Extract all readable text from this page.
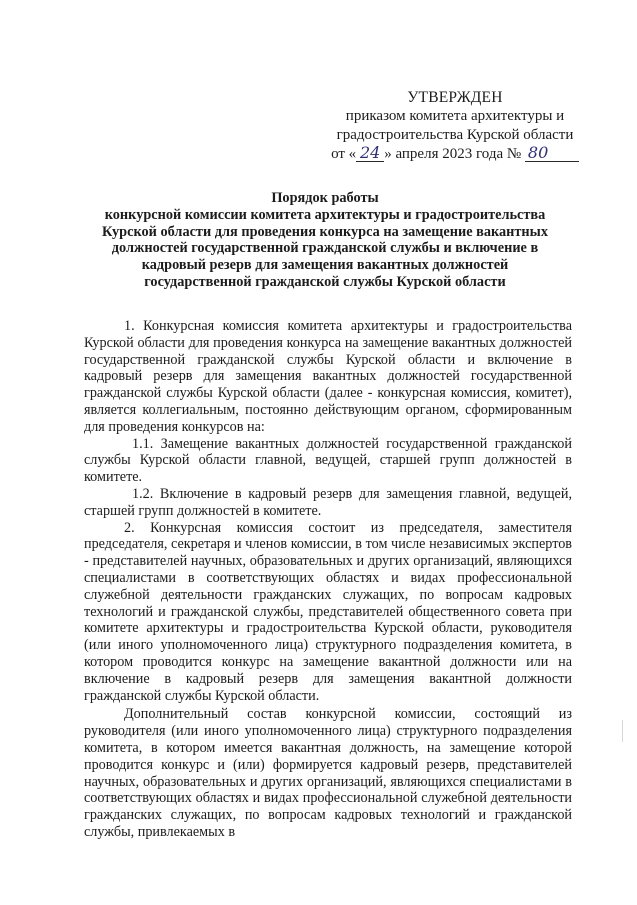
УТВЕРЖДЕН
приказом комитета архитектуры и
градостроительства Курской области
от « 24 » апреля 2023 года № 80
Порядок работы
конкурсной комиссии комитета архитектуры и градостроительства
Курской области для проведения конкурса на замещение вакантных
должностей государственной гражданской службы и включение в
кадровый резерв для замещения вакантных должностей
государственной гражданской службы Курской области

1. Конкурсная комиссия комитета архитектуры и градостроительства Курской области для проведения конкурса на замещение вакантных должностей государственной гражданской службы Курской области и включение в кадровый резерв для замещения вакантных должностей государственной гражданской службы Курской области (далее - конкурсная комиссия, комитет), является коллегиальным, постоянно действующим органом, сформированным для проведения конкурсов на:

1.1. Замещение вакантных должностей государственной гражданской службы Курской области главной, ведущей, старшей групп должностей в комитете.

1.2. Включение в кадровый резерв для замещения главной, ведущей, старшей групп должностей в комитете.

2. Конкурсная комиссия состоит из председателя, заместителя председателя, секретаря и членов комиссии, в том числе независимых экспертов - представителей научных, образовательных и других организаций, являющихся специалистами в соответствующих областях и видах профессиональной служебной деятельности гражданских служащих, по вопросам кадровых технологий и гражданской службы, представителей общественного совета при комитете архитектуры и градостроительства Курской области, руководителя (или иного уполномоченного лица) структурного подразделения комитета, в котором проводится конкурс на замещение вакантной должности или на включение в кадровый резерв для замещения вакантной должности гражданской службы Курской области.

Дополнительный состав конкурсной комиссии, состоящий из руководителя (или иного уполномоченного лица) структурного подразделения комитета, в котором имеется вакантная должность, на замещение которой проводится конкурс и (или) формируется кадровый резерв, представителей научных, образовательных и других организаций, являющихся специалистами в соответствующих областях и видах профессиональной служебной деятельности гражданских служащих, по вопросам кадровых технологий и гражданской службы, привлекаемых в
